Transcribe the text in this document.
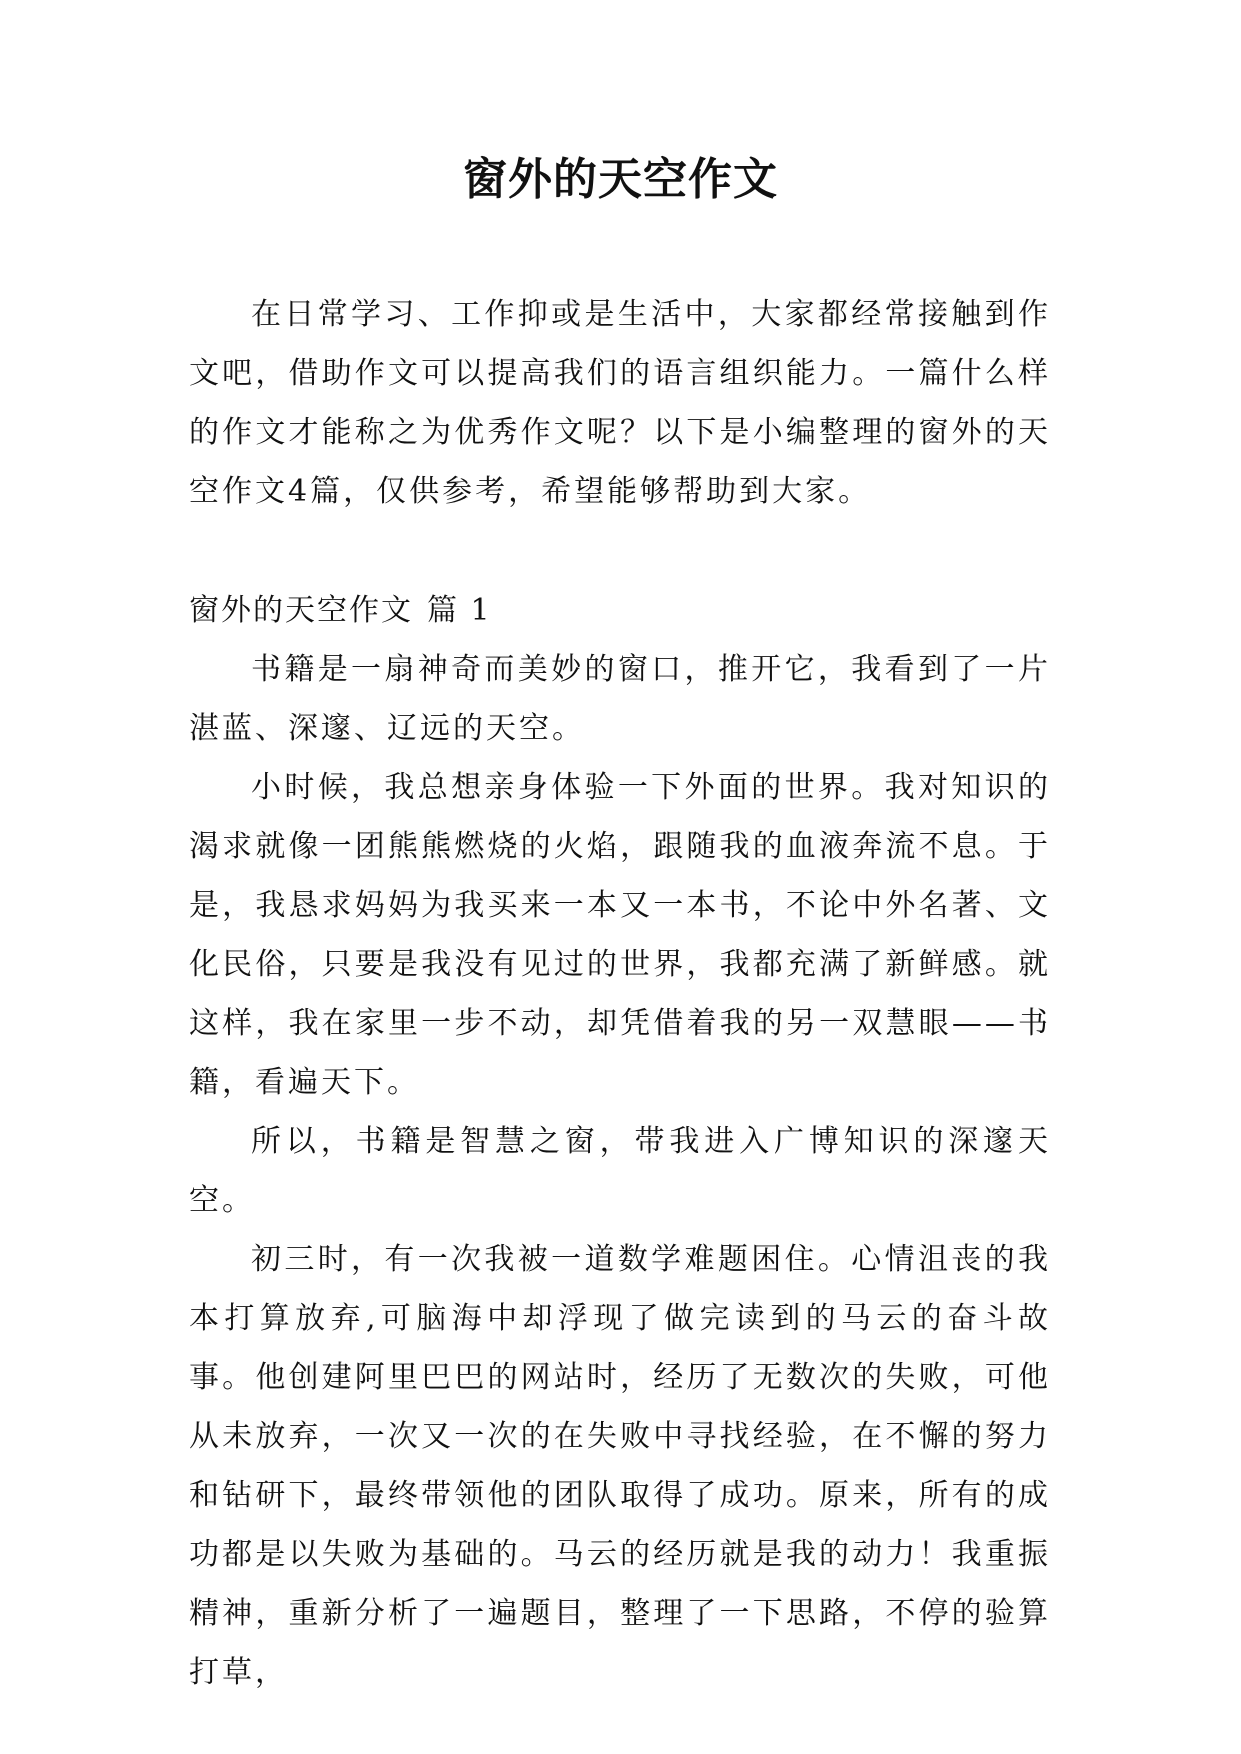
窗外的天空作文

在日常学习、工作抑或是生活中，大家都经常接触到作文吧，借助作文可以提高我们的语言组织能力。一篇什么样的作文才能称之为优秀作文呢？以下是小编整理的窗外的天空作文4篇，仅供参考，希望能够帮助到大家。

窗外的天空作文 篇 1

书籍是一扇神奇而美妙的窗口，推开它，我看到了一片湛蓝、深邃、辽远的天空。

小时候，我总想亲身体验一下外面的世界。我对知识的渴求就像一团熊熊燃烧的火焰，跟随我的血液奔流不息。于是，我恳求妈妈为我买来一本又一本书，不论中外名著、文化民俗，只要是我没有见过的世界，我都充满了新鲜感。就这样，我在家里一步不动，却凭借着我的另一双慧眼——书籍，看遍天下。

所以，书籍是智慧之窗，带我进入广博知识的深邃天空。

初三时，有一次我被一道数学难题困住。心情沮丧的我本打算放弃,可脑海中却浮现了做完读到的马云的奋斗故事。他创建阿里巴巴的网站时，经历了无数次的失败，可他从未放弃，一次又一次的在失败中寻找经验，在不懈的努力和钻研下，最终带领他的团队取得了成功。原来，所有的成功都是以失败为基础的。马云的经历就是我的动力！我重振精神，重新分析了一遍题目，整理了一下思路，不停的验算打草，
